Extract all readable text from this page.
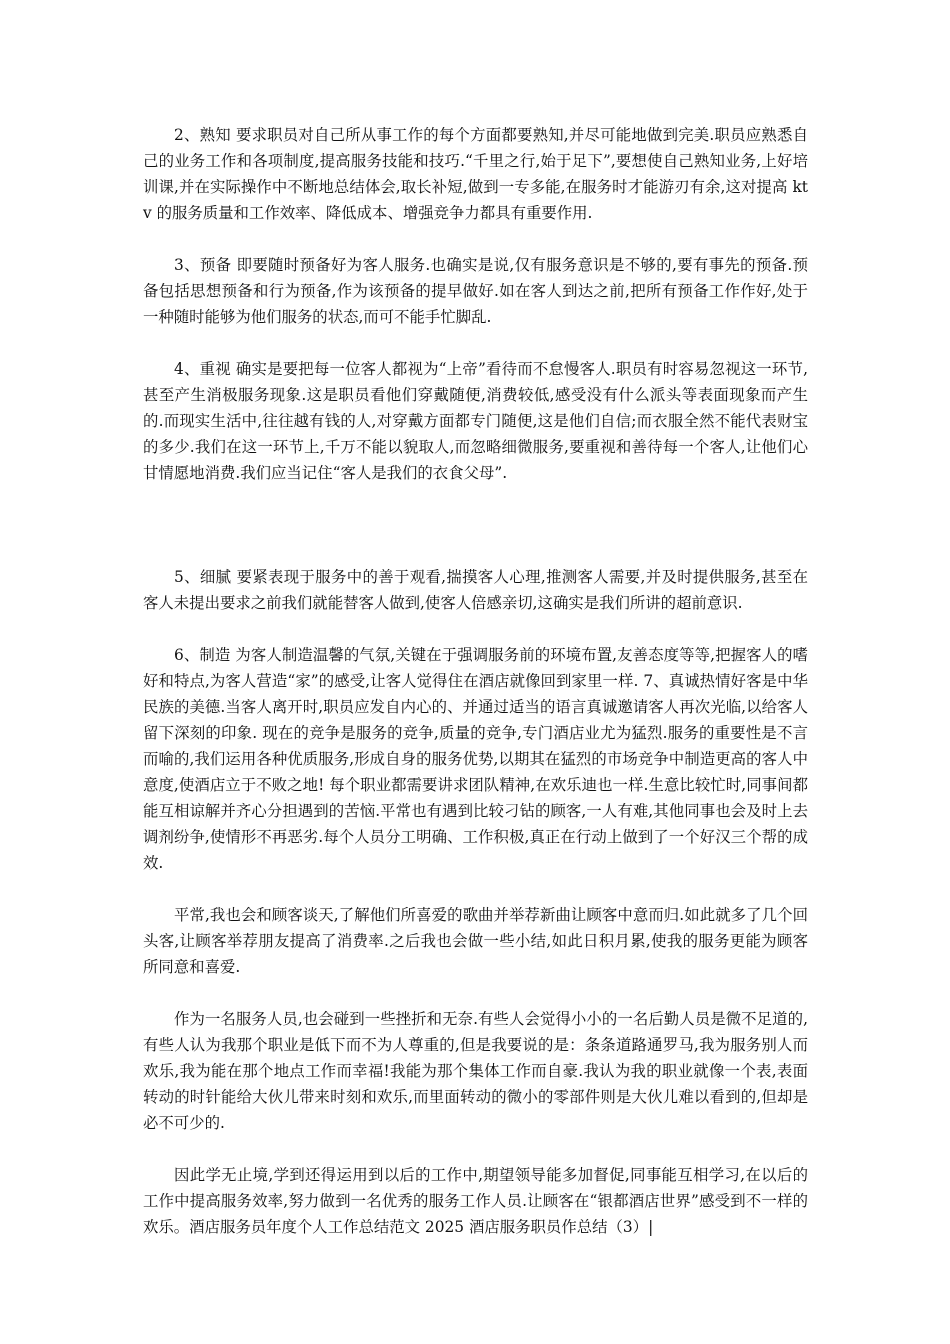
2、熟知 要求职员对自己所从事工作的每个方面都要熟知,并尽可能地做到完美.职员应熟悉自己的业务工作和各项制度,提高服务技能和技巧.“千里之行,始于足下”,要想使自己熟知业务,上好培训课,并在实际操作中不断地总结体会,取长补短,做到一专多能,在服务时才能游刃有余,这对提高 ktv 的服务质量和工作效率、降低成本、增强竞争力都具有重要作用.

3、预备 即要随时预备好为客人服务.也确实是说,仅有服务意识是不够的,要有事先的预备.预备包括思想预备和行为预备,作为该预备的提早做好.如在客人到达之前,把所有预备工作作好,处于一种随时能够为他们服务的状态,而可不能手忙脚乱.

4、重视 确实是要把每一位客人都视为“上帝”看待而不怠慢客人.职员有时容易忽视这一环节,甚至产生消极服务现象.这是职员看他们穿戴随便,消费较低,感受没有什么派头等表面现象而产生的.而现实生活中,往往越有钱的人,对穿戴方面都专门随便,这是他们自信;而衣服全然不能代表财宝的多少.我们在这一环节上,千万不能以貌取人,而忽略细微服务,要重视和善待每一个客人,让他们心甘情愿地消费.我们应当记住“客人是我们的衣食父母”.

5、细腻 要紧表现于服务中的善于观看,揣摸客人心理,推测客人需要,并及时提供服务,甚至在客人未提出要求之前我们就能替客人做到,使客人倍感亲切,这确实是我们所讲的超前意识.

6、制造 为客人制造温馨的气氛,关键在于强调服务前的环境布置,友善态度等等,把握客人的嗜好和特点,为客人营造“家”的感受,让客人觉得住在酒店就像回到家里一样. 7、真诚热情好客是中华民族的美德.当客人离开时,职员应发自内心的、并通过适当的语言真诚邀请客人再次光临,以给客人留下深刻的印象. 现在的竞争是服务的竞争,质量的竞争,专门酒店业尤为猛烈.服务的重要性是不言而喻的,我们运用各种优质服务,形成自身的服务优势,以期其在猛烈的市场竞争中制造更高的客人中意度,使酒店立于不败之地! 每个职业都需要讲求团队精神,在欢乐迪也一样.生意比较忙时,同事间都能互相谅解并齐心分担遇到的苦恼.平常也有遇到比较刁钻的顾客,一人有难,其他同事也会及时上去调剂纷争,使情形不再恶劣.每个人员分工明确、工作积极,真正在行动上做到了一个好汉三个帮的成效.

平常,我也会和顾客谈天,了解他们所喜爱的歌曲并举荐新曲让顾客中意而归.如此就多了几个回头客,让顾客举荐朋友提高了消费率.之后我也会做一些小结,如此日积月累,使我的服务更能为顾客所同意和喜爱.

作为一名服务人员,也会碰到一些挫折和无奈.有些人会觉得小小的一名后勤人员是微不足道的,有些人认为我那个职业是低下而不为人尊重的,但是我要说的是：条条道路通罗马,我为服务别人而欢乐,我为能在那个地点工作而幸福!我能为那个集体工作而自豪.我认为我的职业就像一个表,表面转动的时针能给大伙儿带来时刻和欢乐,而里面转动的微小的零部件则是大伙儿难以看到的,但却是必不可少的.

因此学无止境,学到还得运用到以后的工作中,期望领导能多加督促,同事能互相学习,在以后的工作中提高服务效率,努力做到一名优秀的服务工作人员.让顾客在“银都酒店世界”感受到不一样的欢乐。酒店服务员年度个人工作总结范文 2025 酒店服务职员作总结（3）|
